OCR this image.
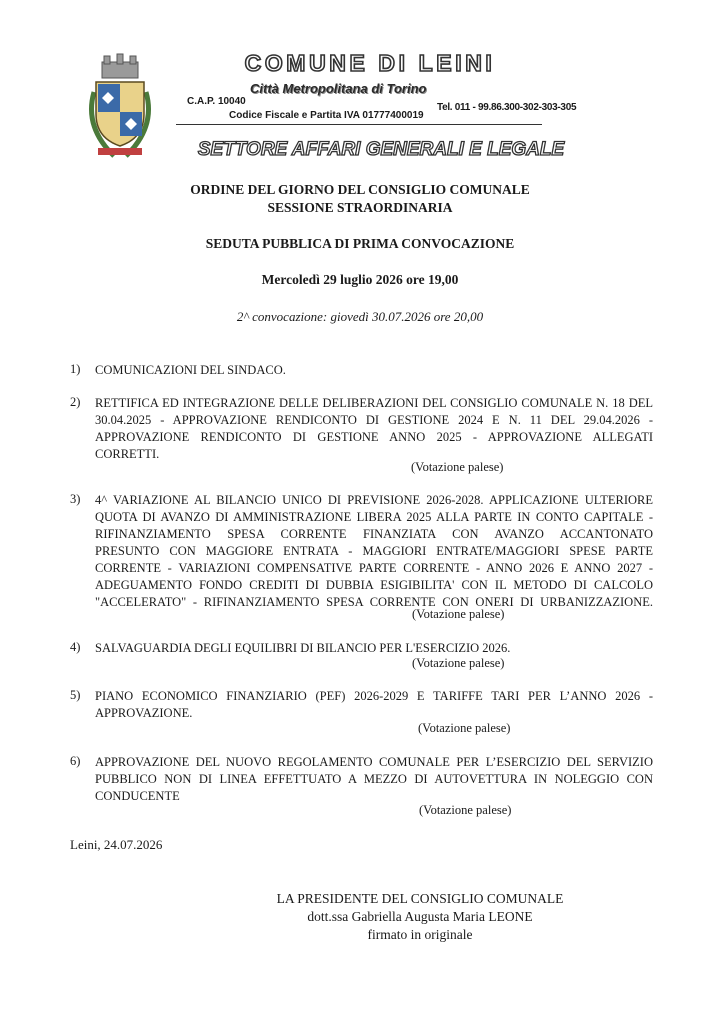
COMUNE DI LEINI
Città Metropolitana di Torino
C.A.P. 10040
Tel. 011 - 99.86.300-302-303-305
Codice Fiscale e Partita IVA 01777400019
SETTORE AFFARI GENERALI E LEGALE
ORDINE DEL GIORNO DEL CONSIGLIO COMUNALE
SESSIONE STRAORDINARIA
SEDUTA PUBBLICA DI PRIMA CONVOCAZIONE
Mercoledì 29 luglio 2026 ore 19,00
2^ convocazione: giovedì 30.07.2026 ore 20,00
1) COMUNICAZIONI DEL SINDACO.
2) RETTIFICA ED INTEGRAZIONE DELLE DELIBERAZIONI DEL CONSIGLIO COMUNALE N. 18 DEL
30.04.2025 - APPROVAZIONE RENDICONTO DI GESTIONE 2024 E N. 11 DEL 29.04.2026 -
APPROVAZIONE RENDICONTO DI GESTIONE ANNO 2025 - APPROVAZIONE ALLEGATI
CORRETTI.
(Votazione palese)
3) 4^ VARIAZIONE AL BILANCIO UNICO DI PREVISIONE 2026-2028. APPLICAZIONE ULTERIORE
QUOTA DI AVANZO DI AMMINISTRAZIONE LIBERA 2025 ALLA PARTE IN CONTO CAPITALE -
RIFINANZIAMENTO SPESA CORRENTE FINANZIATA CON AVANZO ACCANTONATO
PRESUNTO CON MAGGIORE ENTRATA - MAGGIORI ENTRATE/MAGGIORI SPESE PARTE
CORRENTE - VARIAZIONI COMPENSATIVE PARTE CORRENTE - ANNO 2026 E ANNO 2027 -
ADEGUAMENTO FONDO CREDITI DI DUBBIA ESIGIBILITA' CON IL METODO DI CALCOLO
"ACCELERATO" - RIFINANZIAMENTO SPESA CORRENTE CON ONERI DI URBANIZZAZIONE.
(Votazione palese)
4) SALVAGUARDIA DEGLI EQUILIBRI DI BILANCIO PER L'ESERCIZIO 2026.
(Votazione palese)
5) PIANO ECONOMICO FINANZIARIO (PEF) 2026-2029 E TARIFFE TARI PER L’ANNO 2026 -
APPROVAZIONE.
(Votazione palese)
6) APPROVAZIONE DEL NUOVO REGOLAMENTO COMUNALE PER L’ESERCIZIO DEL SERVIZIO
PUBBLICO NON DI LINEA EFFETTUATO A MEZZO DI AUTOVETTURA IN NOLEGGIO CON
CONDUCENTE
(Votazione palese)
Leini, 24.07.2026
LA PRESIDENTE DEL CONSIGLIO COMUNALE
dott.ssa Gabriella Augusta Maria LEONE
firmato in originale
